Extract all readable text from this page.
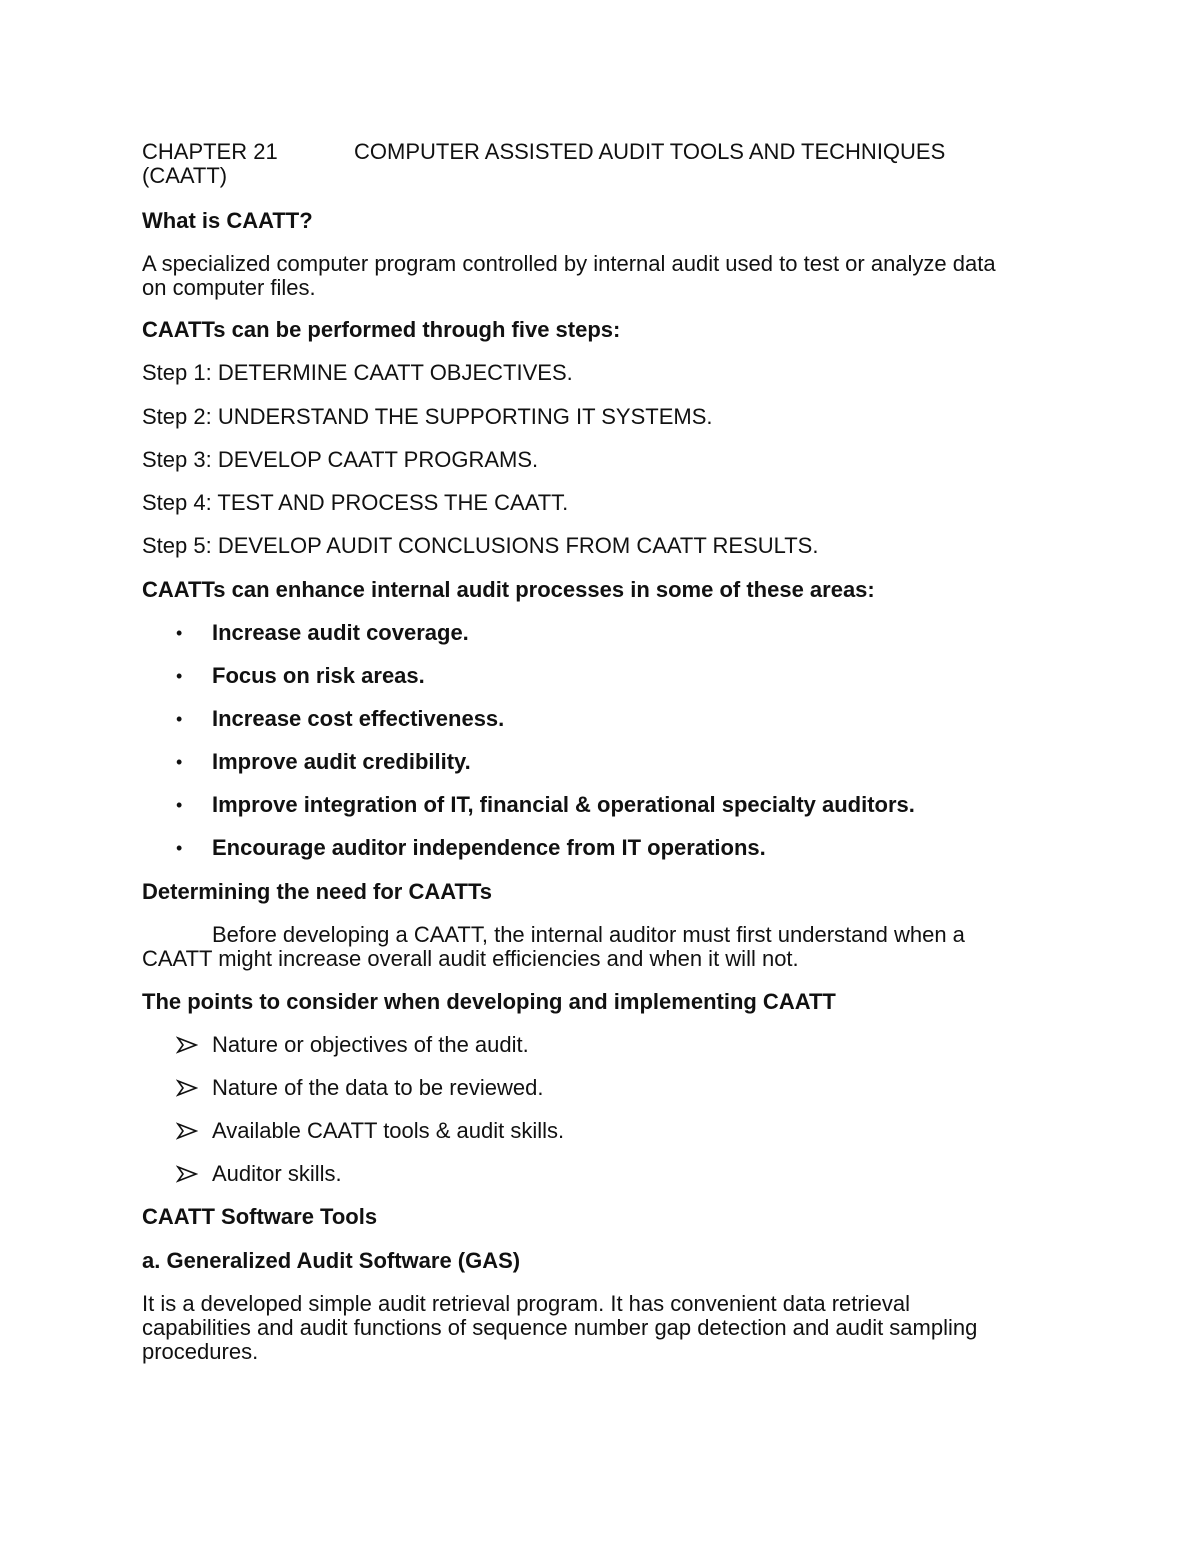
CHAPTER 21	COMPUTER ASSISTED AUDIT TOOLS AND TECHNIQUES
(CAATT)
What is CAATT?
A specialized computer program controlled by internal audit used to test or analyze data
on computer files.
CAATTs can be performed through five steps:
Step 1: DETERMINE CAATT OBJECTIVES.
Step 2: UNDERSTAND THE SUPPORTING IT SYSTEMS.
Step 3: DEVELOP CAATT PROGRAMS.
Step 4: TEST AND PROCESS THE CAATT.
Step 5: DEVELOP AUDIT CONCLUSIONS FROM CAATT RESULTS.
CAATTs can enhance internal audit processes in some of these areas:
• Increase audit coverage.
• Focus on risk areas.
• Increase cost effectiveness.
• Improve audit credibility.
• Improve integration of IT, financial & operational specialty auditors.
• Encourage auditor independence from IT operations.
Determining the need for CAATTs
Before developing a CAATT, the internal auditor must first understand when a
CAATT might increase overall audit efficiencies and when it will not.
The points to consider when developing and implementing CAATT
Nature or objectives of the audit.
Nature of the data to be reviewed.
Available CAATT tools & audit skills.
Auditor skills.
CAATT Software Tools
a. Generalized Audit Software (GAS)
It is a developed simple audit retrieval program. It has convenient data retrieval
capabilities and audit functions of sequence number gap detection and audit sampling
procedures.
